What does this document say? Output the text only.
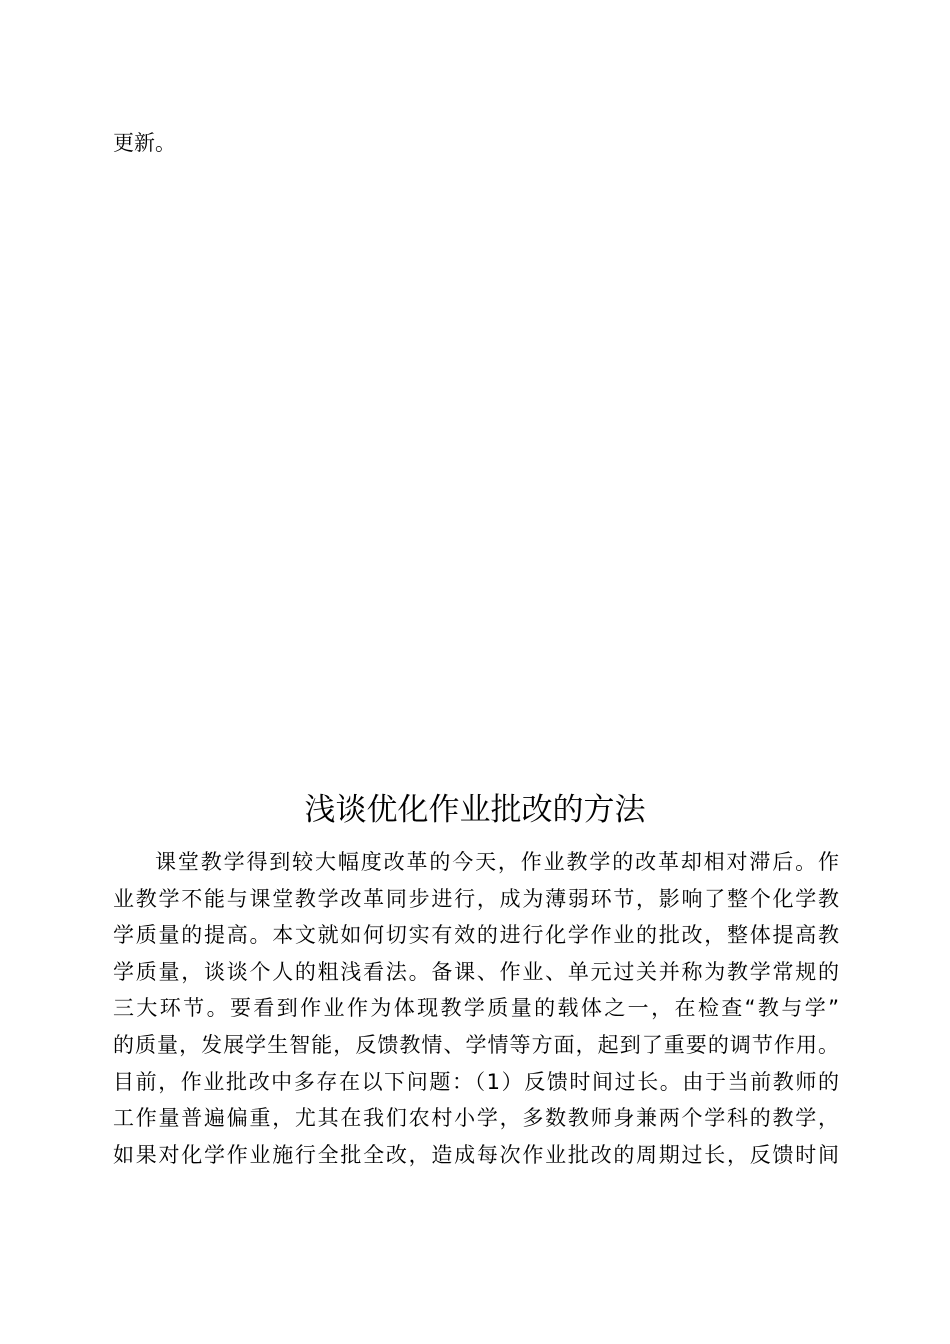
更新。
浅谈优化作业批改的方法
课堂教学得到较大幅度改革的今天，作业教学的改革却相对滞后。作
业教学不能与课堂教学改革同步进行，成为薄弱环节，影响了整个化学教
学质量的提高。本文就如何切实有效的进行化学作业的批改，整体提高教
学质量，谈谈个人的粗浅看法。备课、作业、单元过关并称为教学常规的
三大环节。要看到作业作为体现教学质量的载体之一，在检查“教与学”
的质量，发展学生智能，反馈教情、学情等方面，起到了重要的调节作用。
目前，作业批改中多存在以下问题：（1）反馈时间过长。由于当前教师的
工作量普遍偏重，尤其在我们农村小学，多数教师身兼两个学科的教学，
如果对化学作业施行全批全改，造成每次作业批改的周期过长，反馈时间
